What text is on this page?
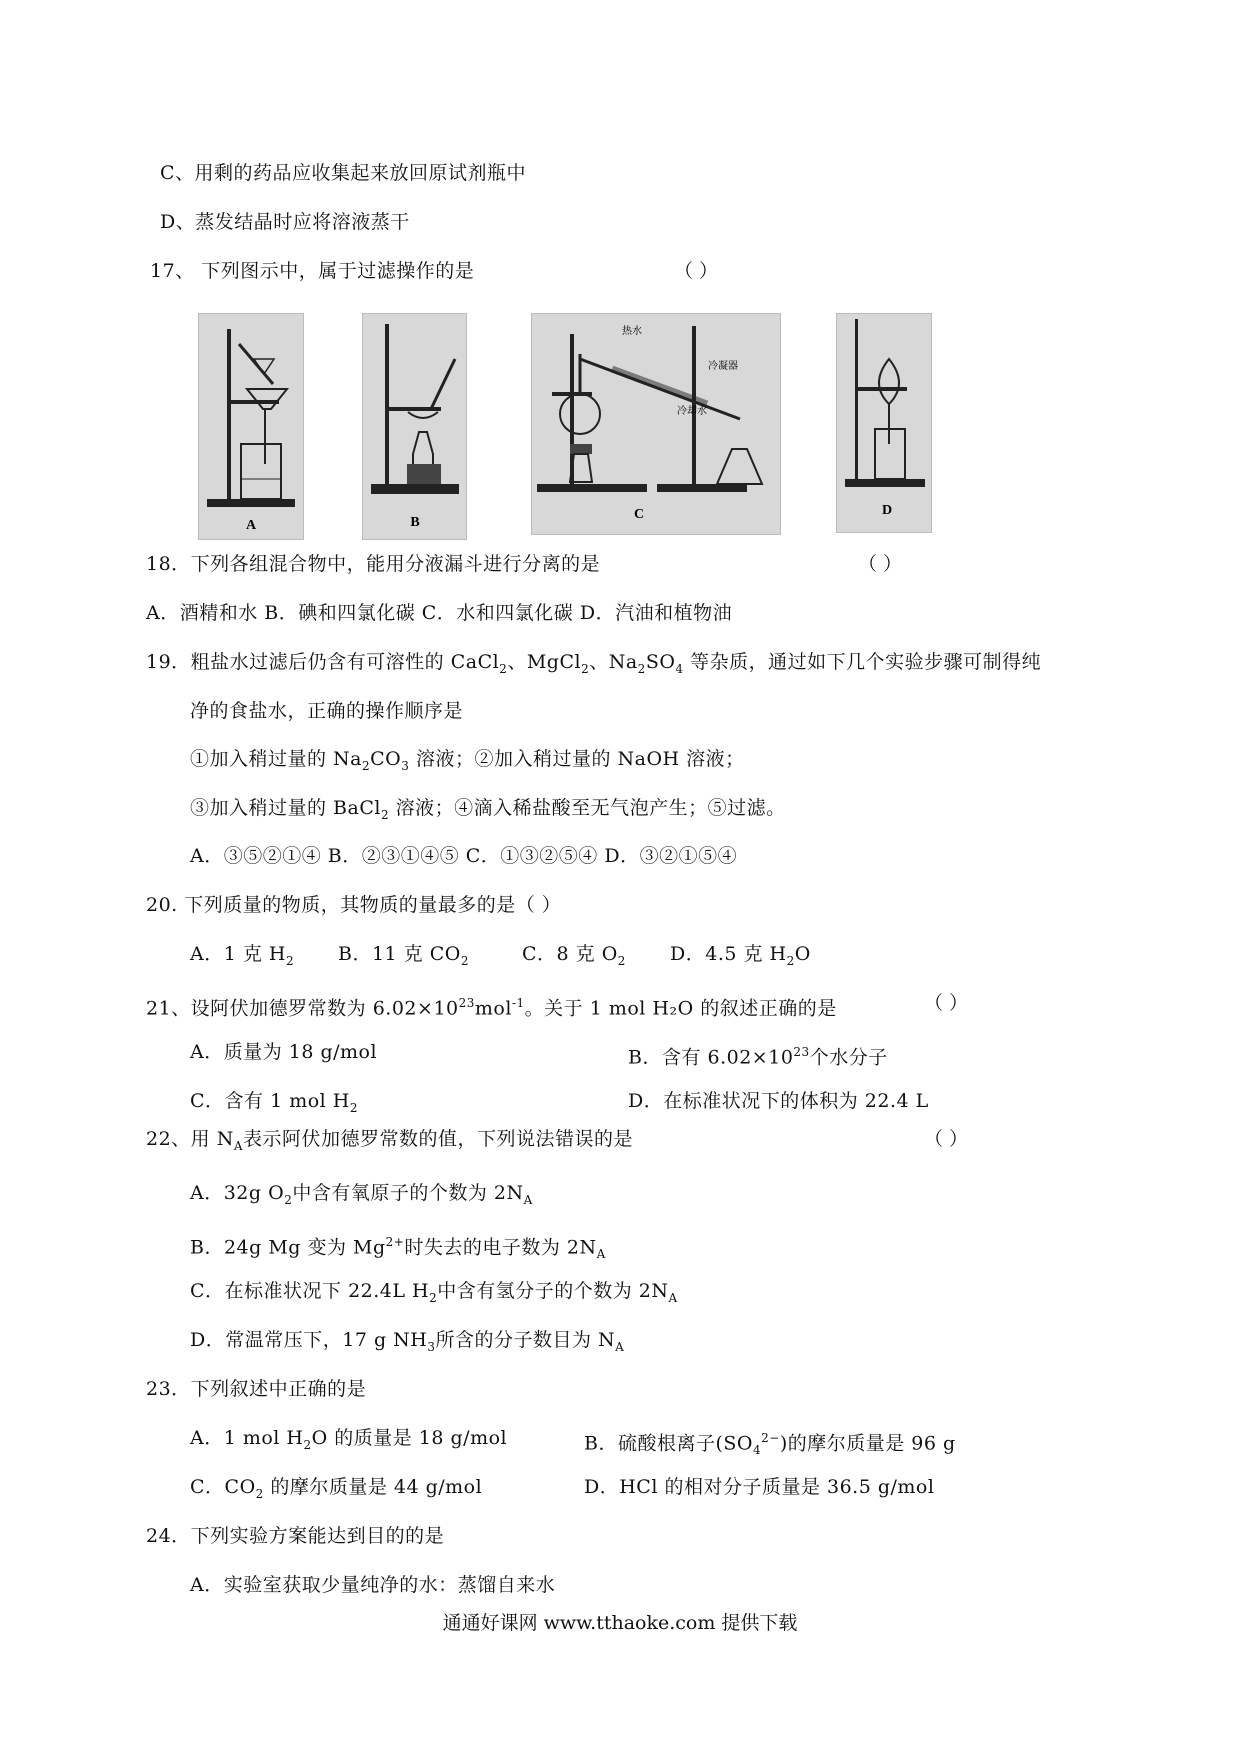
C、用剩的药品应收集起来放回原试剂瓶中
D、蒸发结晶时应将溶液蒸干
17、 下列图示中，属于过滤操作的是	（ ）
A	B
热水
冷凝器
冷却水
C	D
18．下列各组混合物中，能用分液漏斗进行分离的是	（ ）
A．酒精和水 B．碘和四氯化碳 C．水和四氯化碳 D．汽油和植物油
19．粗盐水过滤后仍含有可溶性的 CaCl$_2$、MgCl$_2$、$Na_2SO_4$ 等杂质，通过如下几个实验步骤可制得纯
净的食盐水，正确的操作顺序是
①加入稍过量的 $Na_2CO_3$ 溶液；②加入稍过量的 NaOH 溶液；
③加入稍过量的 BaCl$_2$ 溶液；④滴入稀盐酸至无气泡产生；⑤过滤。
A．③⑤②①④ B．②③①④⑤ C．①③②⑤④ D．③②①⑤④
20. 下列质量的物质，其物质的量最多的是（ ）
A．1 克 $H_2$ B．11 克 $CO_2$	C．8 克 $O_2$ D．4.5 克 $H_2O$
21、设阿伏加德罗常数为 $6.02\times 10^{23}mol^{-1}$。关于 1 mol H₂O 的叙述正确的是	（ ）
A．质量为 18 g/mol	B．含有 $6.02\times 10^{23}$个水分子
C．含有 1 mol $H_2$	D．在标准状况下的体积为 22.4 L
22、用 $N_A$表示阿伏加德罗常数的值，下列说法错误的是	（ ）
A．32g $O_2$中含有氧原子的个数为 $2N_A$
B．24g Mg 变为 $Mg^{2+}$时失去的电子数为 $2N_A$
C．在标准状况下 22.4L $H_2$中含有氢分子的个数为 $2N_A$
D．常温常压下，17 g $NH_3$所含的分子数目为 $N_A$
23．下列叙述中正确的是
A．1 mol $H_2O$ 的质量是 18 g/mol	B．硫酸根离子$(SO_4^{2-})$的摩尔质量是 96 g
C．$CO_2$ 的摩尔质量是 44 g/mol	D．HCl 的相对分子质量是 36.5 g/mol
24．下列实验方案能达到目的的是
A．实验室获取少量纯净的水：蒸馏自来水
通通好课网 www.tthaoke.com 提供下载
